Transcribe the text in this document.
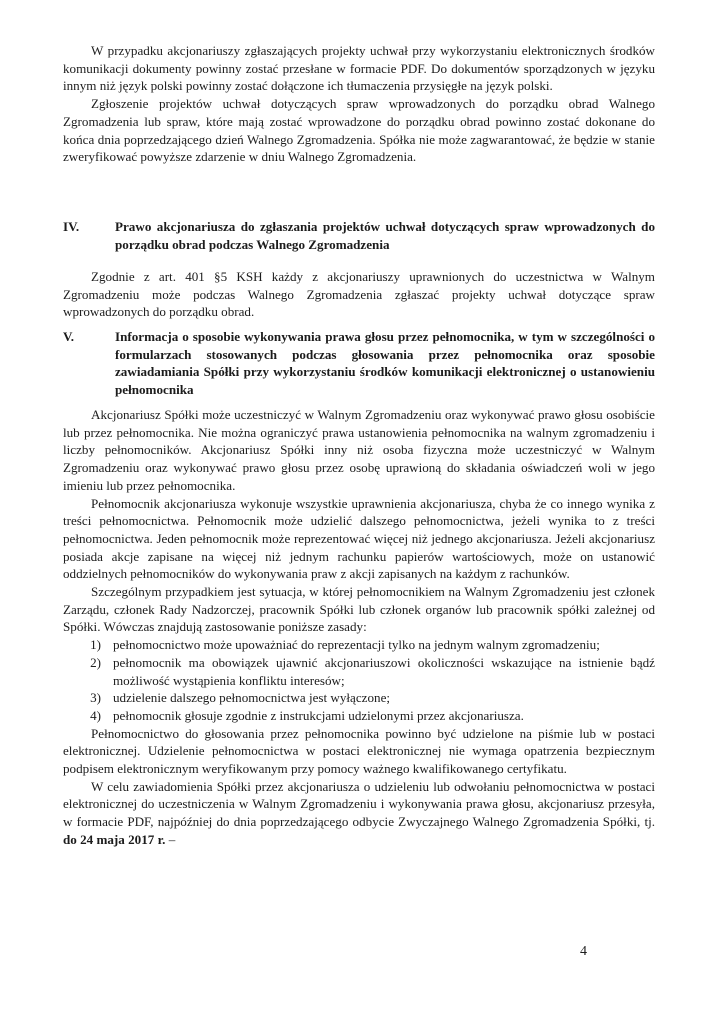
W przypadku akcjonariuszy zgłaszających projekty uchwał przy wykorzystaniu elektronicznych środków komunikacji dokumenty powinny zostać przesłane w formacie PDF. Do dokumentów sporządzonych w języku innym niż język polski powinny zostać dołączone ich tłumaczenia przysięgłe na język polski.

Zgłoszenie projektów uchwał dotyczących spraw wprowadzonych do porządku obrad Walnego Zgromadzenia lub spraw, które mają zostać wprowadzone do porządku obrad powinno zostać dokonane do końca dnia poprzedzającego dzień Walnego Zgromadzenia. Spółka nie może zagwarantować, że będzie w stanie zweryfikować powyższe zdarzenie w dniu Walnego Zgromadzenia.

IV.	Prawo akcjonariusza do zgłaszania projektów uchwał dotyczących spraw wprowadzonych do porządku obrad podczas Walnego Zgromadzenia

Zgodnie z art. 401 §5 KSH każdy z akcjonariuszy uprawnionych do uczestnictwa w Walnym Zgromadzeniu może podczas Walnego Zgromadzenia zgłaszać projekty uchwał dotyczące spraw wprowadzonych do porządku obrad.

V.	Informacja o sposobie wykonywania prawa głosu przez pełnomocnika, w tym w szczególności o formularzach stosowanych podczas głosowania przez pełnomocnika oraz sposobie zawiadamiania Spółki przy wykorzystaniu środków komunikacji elektronicznej o ustanowieniu pełnomocnika

Akcjonariusz Spółki może uczestniczyć w Walnym Zgromadzeniu oraz wykonywać prawo głosu osobiście lub przez pełnomocnika. Nie można ograniczyć prawa ustanowienia pełnomocnika na walnym zgromadzeniu i liczby pełnomocników. Akcjonariusz Spółki inny niż osoba fizyczna może uczestniczyć w Walnym Zgromadzeniu oraz wykonywać prawo głosu przez osobę uprawioną do składania oświadczeń woli w jego imieniu lub przez pełnomocnika.

Pełnomocnik akcjonariusza wykonuje wszystkie uprawnienia akcjonariusza, chyba że co innego wynika z treści pełnomocnictwa. Pełnomocnik może udzielić dalszego pełnomocnictwa, jeżeli wynika to z treści pełnomocnictwa. Jeden pełnomocnik może reprezentować więcej niż jednego akcjonariusza. Jeżeli akcjonariusz posiada akcje zapisane na więcej niż jednym rachunku papierów wartościowych, może on ustanowić oddzielnych pełnomocników do wykonywania praw z akcji zapisanych na każdym z rachunków.

Szczególnym przypadkiem jest sytuacja, w której pełnomocnikiem na Walnym Zgromadzeniu jest członek Zarządu, członek Rady Nadzorczej, pracownik Spółki lub członek organów lub pracownik spółki zależnej od Spółki. Wówczas znajdują zastosowanie poniższe zasady:

1) pełnomocnictwo może upoważniać do reprezentacji tylko na jednym walnym zgromadzeniu;
2) pełnomocnik ma obowiązek ujawnić akcjonariuszowi okoliczności wskazujące na istnienie bądź możliwość wystąpienia konfliktu interesów;
3) udzielenie dalszego pełnomocnictwa jest wyłączone;
4) pełnomocnik głosuje zgodnie z instrukcjami udzielonymi przez akcjonariusza.

Pełnomocnictwo do głosowania przez pełnomocnika powinno być udzielone na piśmie lub w postaci elektronicznej. Udzielenie pełnomocnictwa w postaci elektronicznej nie wymaga opatrzenia bezpiecznym podpisem elektronicznym weryfikowanym przy pomocy ważnego kwalifikowanego certyfikatu.

W celu zawiadomienia Spółki przez akcjonariusza o udzieleniu lub odwołaniu pełnomocnictwa w postaci elektronicznej do uczestniczenia w Walnym Zgromadzeniu i wykonywania prawa głosu, akcjonariusz przesyła, w formacie PDF, najpóźniej do dnia poprzedzającego odbycie Zwyczajnego Walnego Zgromadzenia Spółki, tj. do 24 maja 2017 r. –

4
